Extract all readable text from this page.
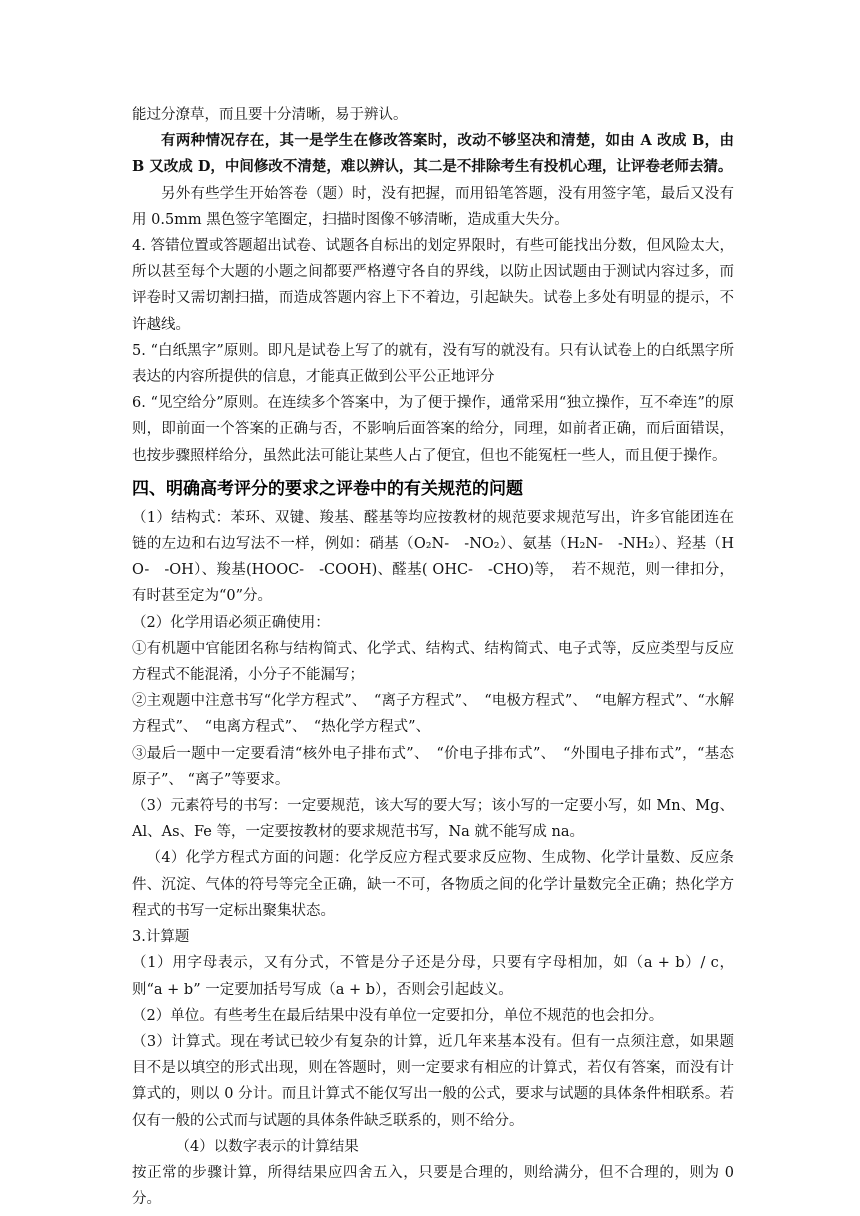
能过分潦草，而且要十分清晰，易于辨认。

有两种情况存在，其一是学生在修改答案时，改动不够坚决和清楚，如由 A 改成 B，由 B 又改成 D，中间修改不清楚，难以辨认，其二是不排除考生有投机心理，让评卷老师去猜。

另外有些学生开始答卷（题）时，没有把握，而用铅笔答题，没有用签字笔，最后又没有用 0.5mm 黑色签字笔圈定，扫描时图像不够清晰，造成重大失分。

4. 答错位置或答题超出试卷、试题各自标出的划定界限时，有些可能找出分数，但风险太大，所以甚至每个大题的小题之间都要严格遵守各自的界线，以防止因试题由于测试内容过多，而评卷时又需切割扫描，而造成答题内容上下不着边，引起缺失。试卷上多处有明显的提示，不许越线。

5. “白纸黑字”原则。即凡是试卷上写了的就有，没有写的就没有。只有认试卷上的白纸黑字所表达的内容所提供的信息，才能真正做到公平公正地评分

6. “见空给分”原则。在连续多个答案中，为了便于操作，通常采用“独立操作，互不牵连”的原则，即前面一个答案的正确与否，不影响后面答案的给分，同理，如前者正确，而后面错误，也按步骤照样给分，虽然此法可能让某些人占了便宜，但也不能冤枉一些人，而且便于操作。

四、明确高考评分的要求之评卷中的有关规范的问题

（1）结构式：苯环、双键、羧基、醛基等均应按教材的规范要求规范写出，许多官能团连在链的左边和右边写法不一样，例如：硝基（O₂N-　-NO₂）、氨基（H₂N-　-NH₂）、羟基（HO-　-OH）、羧基(HOOC-　-COOH)、醛基( OHC-　-CHO)等，　若不规范，则一律扣分，有时甚至定为“0”分。

（2）化学用语必须正确使用：

①有机题中官能团名称与结构简式、化学式、结构式、结构简式、电子式等，反应类型与反应方程式不能混淆，小分子不能漏写；

②主观题中注意书写“化学方程式”、　“离子方程式”、　“电极方程式”、　“电解方程式”、“水解方程式”、　“电离方程式”、　“热化学方程式”、

③最后一题中一定要看清“核外电子排布式”、　“价电子排布式”、　“外围电子排布式”，“基态原子”、 “离子”等要求。

（3）元素符号的书写：一定要规范，该大写的要大写；该小写的一定要小写，如 Mn、Mg、Al、As、Fe 等，一定要按教材的要求规范书写，Na 就不能写成 na。

（4）化学方程式方面的问题：化学反应方程式要求反应物、生成物、化学计量数、反应条件、沉淀、气体的符号等完全正确，缺一不可，各物质之间的化学计量数完全正确；热化学方程式的书写一定标出聚集状态。

3.计算题

（1）用字母表示，又有分式，不管是分子还是分母，只要有字母相加，如（a + b）/ c，则“a + b” 一定要加括号写成（a + b），否则会引起歧义。

（2）单位。有些考生在最后结果中没有单位一定要扣分，单位不规范的也会扣分。

（3）计算式。现在考试已较少有复杂的计算，近几年来基本没有。但有一点须注意，如果题目不是以填空的形式出现，则在答题时，则一定要求有相应的计算式，若仅有答案，而没有计算式的，则以 0 分计。而且计算式不能仅写出一般的公式，要求与试题的具体条件相联系。若仅有一般的公式而与试题的具体条件缺乏联系的，则不给分。

（4）以数字表示的计算结果

按正常的步骤计算，所得结果应四舍五入，只要是合理的，则给满分，但不合理的，则为 0 分。
